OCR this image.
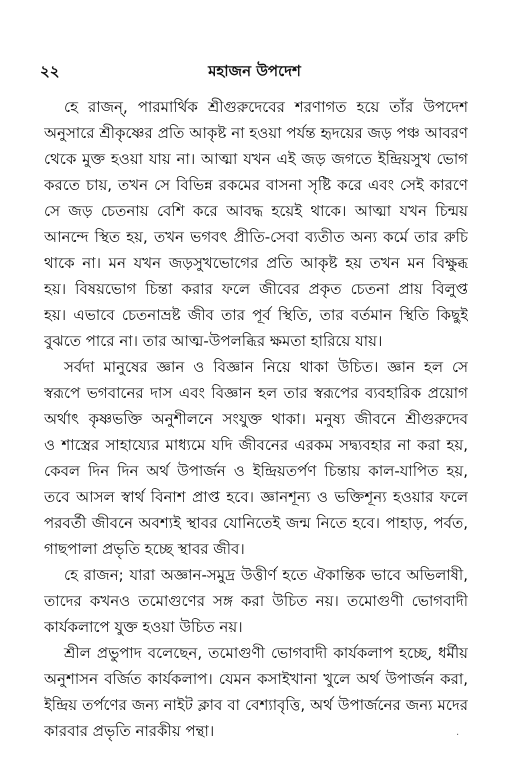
২২	মহাজন উপদেশ
হে রাজন্, পারমার্থিক শ্রীগুরুদেবের শরণাগত হয়ে তাঁর উপদেশ
অনুসারে শ্রীকৃষ্ণের প্রতি আকৃষ্ট না হওয়া পর্যন্ত হৃদয়ের জড় পঞ্চ আবরণ
থেকে মুক্ত হওয়া যায় না। আত্মা যখন এই জড় জগতে ইন্দ্রিয়সুখ ভোগ
করতে চায়, তখন সে বিভিন্ন রকমের বাসনা সৃষ্টি করে এবং সেই কারণে
সে জড় চেতনায় বেশি করে আবদ্ধ হয়েই থাকে। আত্মা যখন চিন্ময়
আনন্দে স্থিত হয়, তখন ভগবৎ প্রীতি-সেবা ব্যতীত অন্য কর্মে তার রুচি
থাকে না। মন যখন জড়সুখভোগের প্রতি আকৃষ্ট হয় তখন মন বিক্ষুব্ধ
হয়। বিষয়ভোগ চিন্তা করার ফলে জীবের প্রকৃত চেতনা প্রায় বিলুপ্ত
হয়। এভাবে চেতনাভ্রষ্ট জীব তার পূর্ব স্থিতি, তার বর্তমান স্থিতি কিছুই
বুঝতে পারে না। তার আত্ম-উপলব্ধির ক্ষমতা হারিয়ে যায়।
সর্বদা মানুষের জ্ঞান ও বিজ্ঞান নিয়ে থাকা উচিত। জ্ঞান হল সে
স্বরূপে ভগবানের দাস এবং বিজ্ঞান হল তার স্বরূপের ব্যবহারিক প্রয়োগ
অর্থাৎ কৃষ্ণভক্তি অনুশীলনে সংযুক্ত থাকা। মনুষ্য জীবনে শ্রীগুরুদেব
ও শাস্ত্রের সাহায্যের মাধ্যমে যদি জীবনের এরকম সদ্ব্যবহার না করা হয়,
কেবল দিন দিন অর্থ উপার্জন ও ইন্দ্রিয়তর্পণ চিন্তায় কাল-যাপিত হয়,
তবে আসল স্বার্থ বিনাশ প্রাপ্ত হবে। জ্ঞানশূন্য ও ভক্তিশূন্য হওয়ার ফলে
পরবর্তী জীবনে অবশ্যই স্থাবর যোনিতেই জন্ম নিতে হবে। পাহাড়, পর্বত,
গাছপালা প্রভৃতি হচ্ছে স্থাবর জীব।
হে রাজন; যারা অজ্ঞান-সমুদ্র উত্তীর্ণ হতে ঐকান্তিক ভাবে অভিলাষী,
তাদের কখনও তমোগুণের সঙ্গ করা উচিত নয়। তমোগুণী ভোগবাদী
কার্যকলাপে যুক্ত হওয়া উচিত নয়।
শ্রীল প্রভুপাদ বলেছেন, তমোগুণী ভোগবাদী কার্যকলাপ হচ্ছে, ধর্মীয়
অনুশাসন বর্জিত কার্যকলাপ। যেমন কসাইখানা খুলে অর্থ উপার্জন করা,
ইন্দ্রিয় তর্পণের জন্য নাইট ক্লাব বা বেশ্যাবৃত্তি, অর্থ উপার্জনের জন্য মদের
কারবার প্রভৃতি নারকীয় পন্থা।	·
